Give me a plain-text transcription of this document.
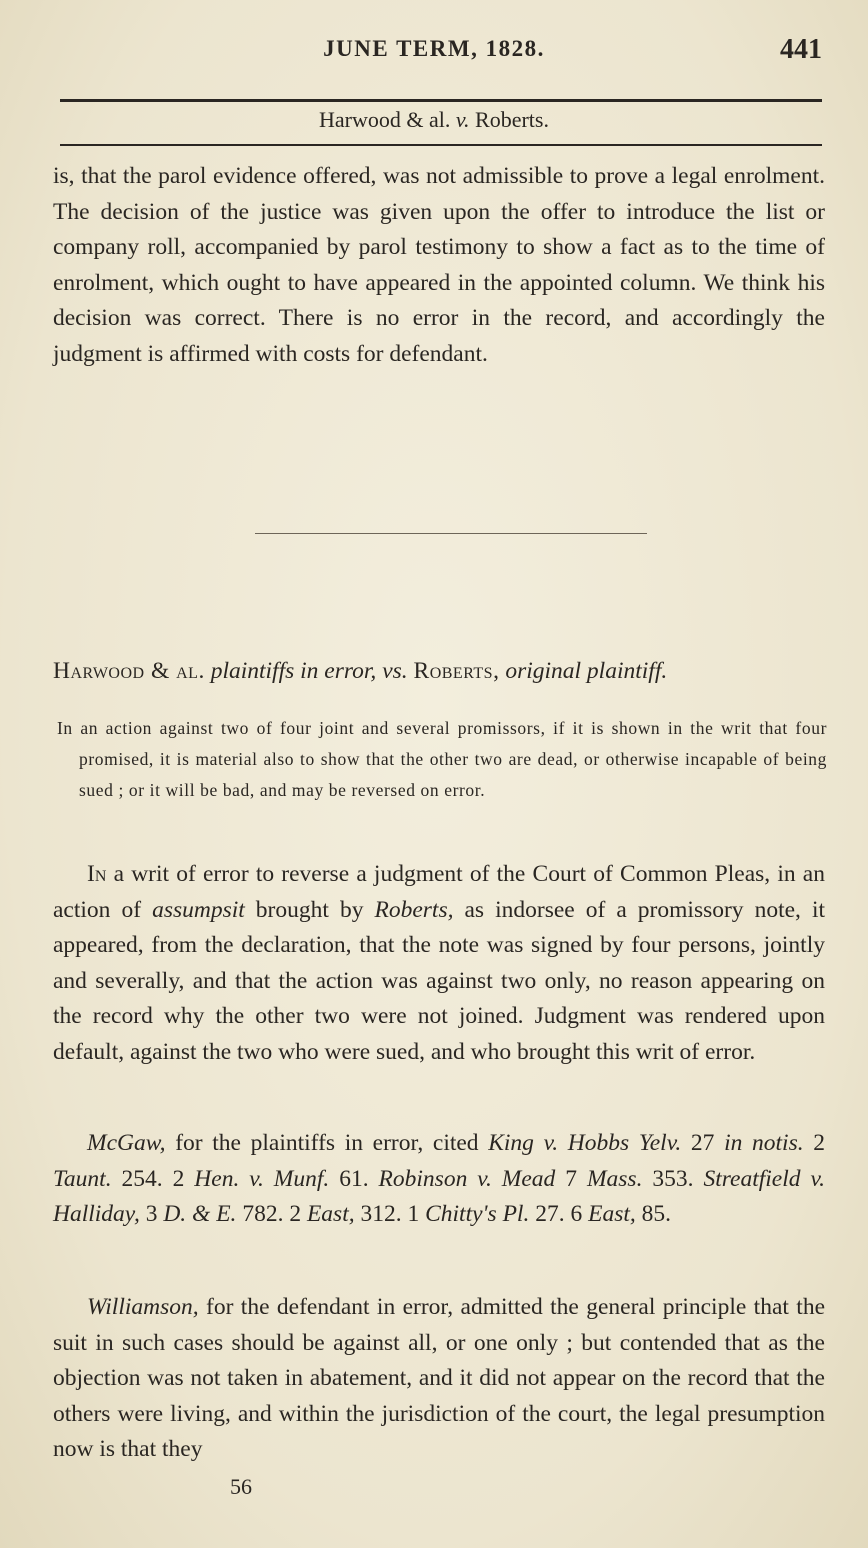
JUNE TERM, 1828.	441
Harwood & al. v. Roberts.
is, that the parol evidence offered, was not admissible to prove a legal enrolment. The decision of the justice was given upon the offer to introduce the list or company roll, accompanied by parol testimony to show a fact as to the time of enrolment, which ought to have appeared in the appointed column. We think his decision was correct. There is no error in the record, and accordingly the judgment is affirmed with costs for defendant.
Harwood & al. plaintiffs in error, vs. Roberts, original plaintiff.
In an action against two of four joint and several promissors, if it is shown in the writ that four promised, it is material also to show that the other two are dead, or otherwise incapable of being sued ; or it will be bad, and may be reversed on error.
In a writ of error to reverse a judgment of the Court of Common Pleas, in an action of assumpsit brought by Roberts, as indorsee of a promissory note, it appeared, from the declaration, that the note was signed by four persons, jointly and severally, and that the action was against two only, no reason appearing on the record why the other two were not joined. Judgment was rendered upon default, against the two who were sued, and who brought this writ of error.
McGaw, for the plaintiffs in error, cited King v. Hobbs Yelv. 27 in notis. 2 Taunt. 254. 2 Hen. v. Munf. 61. Robinson v. Mead 7 Mass. 353. Streatfield v. Halliday, 3 D. & E. 782. 2 East, 312. 1 Chitty's Pl. 27. 6 East, 85.
Williamson, for the defendant in error, admitted the general principle that the suit in such cases should be against all, or one only ; but contended that as the objection was not taken in abatement, and it did not appear on the record that the others were living, and within the jurisdiction of the court, the legal presumption now is that they
56
